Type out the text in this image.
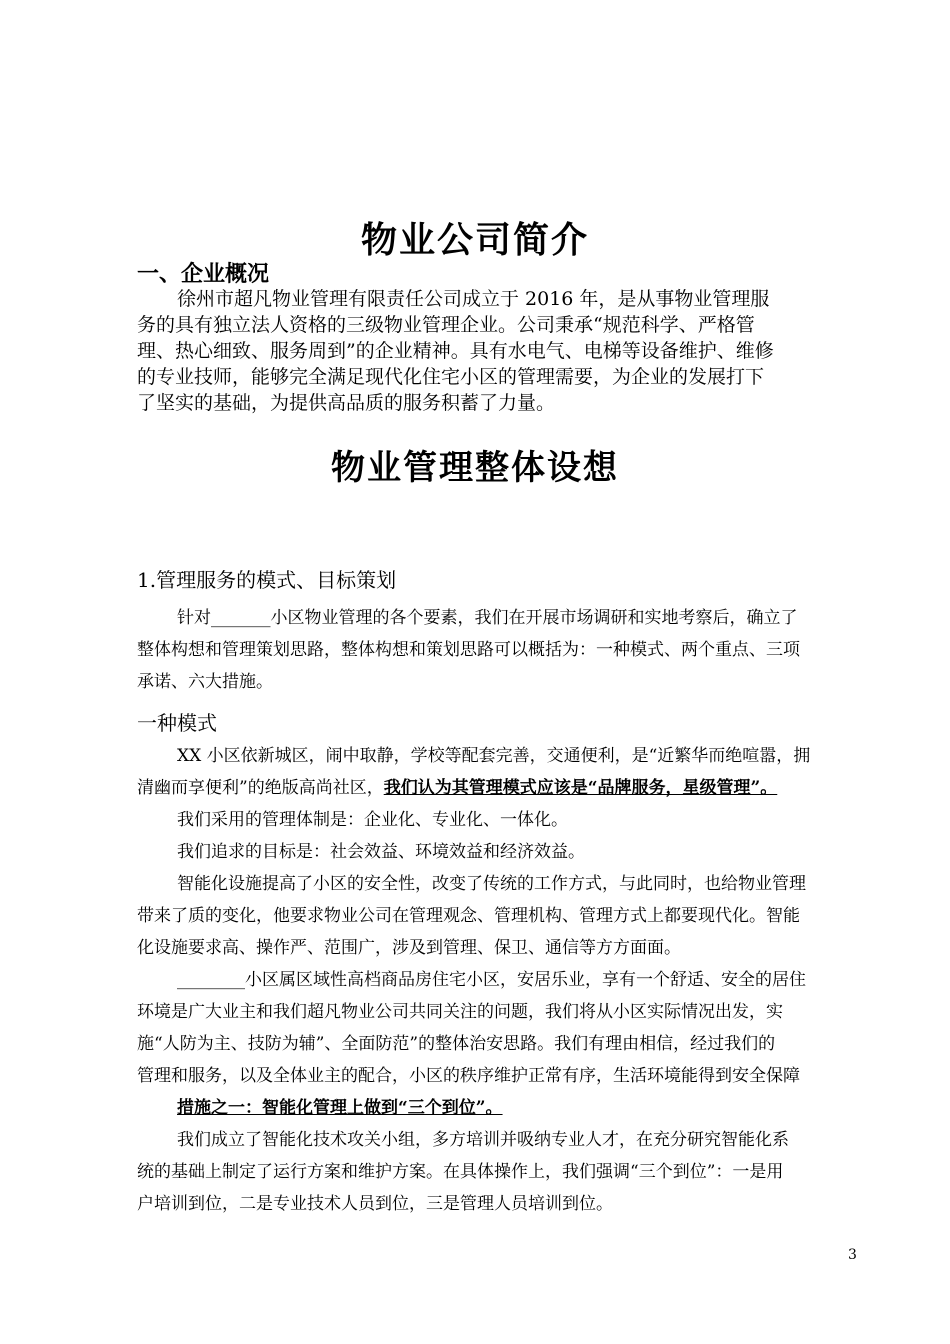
物业公司简介
一、企业概况
徐州市超凡物业管理有限责任公司成立于 2016 年，是从事物业管理服
务的具有独立法人资格的三级物业管理企业。公司秉承“规范科学、严格管
理、热心细致、服务周到”的企业精神。具有水电气、电梯等设备维护、维修
的专业技师，能够完全满足现代化住宅小区的管理需要，为企业的发展打下
了坚实的基础，为提供高品质的服务积蓄了力量。
物业管理整体设想
1.管理服务的模式、目标策划
针对_______小区物业管理的各个要素，我们在开展市场调研和实地考察后，确立了
整体构想和管理策划思路，整体构想和策划思路可以概括为：一种模式、两个重点、三项
承诺、六大措施。
一种模式
XX 小区依新城区，闹中取静，学校等配套完善，交通便利，是“近繁华而绝喧嚣，拥
清幽而享便利”的绝版高尚社区，我们认为其管理模式应该是“品牌服务，星级管理”。
我们采用的管理体制是：企业化、专业化、一体化。
我们追求的目标是：社会效益、环境效益和经济效益。
智能化设施提高了小区的安全性，改变了传统的工作方式，与此同时，也给物业管理
带来了质的变化，他要求物业公司在管理观念、管理机构、管理方式上都要现代化。智能
化设施要求高、操作严、范围广，涉及到管理、保卫、通信等方方面面。
________小区属区域性高档商品房住宅小区，安居乐业，享有一个舒适、安全的居住
环境是广大业主和我们超凡物业公司共同关注的问题，我们将从小区实际情况出发，实
施“人防为主、技防为辅”、全面防范”的整体治安思路。我们有理由相信，经过我们的
管理和服务，以及全体业主的配合，小区的秩序维护正常有序，生活环境能得到安全保障
措施之一：智能化管理上做到“三个到位”。
我们成立了智能化技术攻关小组，多方培训并吸纳专业人才，在充分研究智能化系
统的基础上制定了运行方案和维护方案。在具体操作上，我们强调“三个到位”：一是用
户培训到位，二是专业技术人员到位，三是管理人员培训到位。
3
